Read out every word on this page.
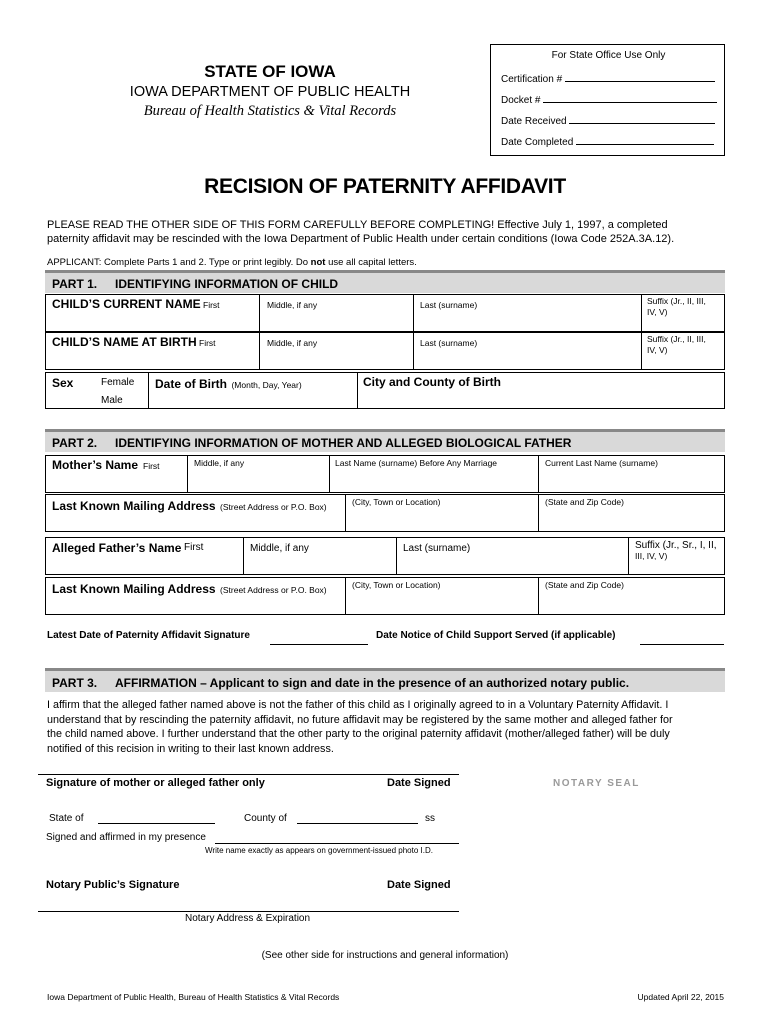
STATE OF IOWA
IOWA DEPARTMENT OF PUBLIC HEALTH
Bureau of Health Statistics & Vital Records
For State Office Use Only
Certification #
Docket #
Date Received
Date Completed
RECISION OF PATERNITY AFFIDAVIT
PLEASE READ THE OTHER SIDE OF THIS FORM CAREFULLY BEFORE COMPLETING! Effective July 1, 1997, a completed
paternity affidavit may be rescinded with the Iowa Department of Public Health under certain conditions (Iowa Code 252A.3A.12).
APPLICANT: Complete Parts 1 and 2. Type or print legibly. Do not use all capital letters.
PART 1. IDENTIFYING INFORMATION OF CHILD
CHILD’S CURRENT NAME First	Middle, if any	Last (surname)	Suffix (Jr., II, III,
IV, V)
CHILD’S NAME AT BIRTH First	Middle, if any	Last (surname)	Suffix (Jr., II, III,
IV, V)
Sex	Female
Male
Date of Birth (Month, Day, Year)	City and County of Birth
PART 2. IDENTIFYING INFORMATION OF MOTHER AND ALLEGED BIOLOGICAL FATHER
Mother’s Name First	Middle, if any	Last Name (surname) Before Any Marriage	Current Last Name (surname)
Last Known Mailing Address (Street Address or P.O. Box)	(City, Town or Location)	(State and Zip Code)
Alleged Father’s Name First	Middle, if any	Last (surname)	Suffix (Jr., Sr., I, II,
III, IV, V)
Last Known Mailing Address (Street Address or P.O. Box)	(City, Town or Location)	(State and Zip Code)
Latest Date of Paternity Affidavit Signature	Date Notice of Child Support Served (if applicable)
PART 3. AFFIRMATION – Applicant to sign and date in the presence of an authorized notary public.
I affirm that the alleged father named above is not the father of this child as I originally agreed to in a Voluntary Paternity Affidavit. I
understand that by rescinding the paternity affidavit, no future affidavit may be registered by the same mother and alleged father for
the child named above. I further understand that the other party to the original paternity affidavit (mother/alleged father) will be duly
notified of this recision in writing to their last known address.
Signature of mother or alleged father only	Date Signed	NOTARY SEAL
State of	County of	ss
Signed and affirmed in my presence
Write name exactly as appears on government-issued photo I.D.
Notary Public’s Signature	Date Signed
Notary Address & Expiration
(See other side for instructions and general information)
Iowa Department of Public Health, Bureau of Health Statistics & Vital Records	Updated April 22, 2015
